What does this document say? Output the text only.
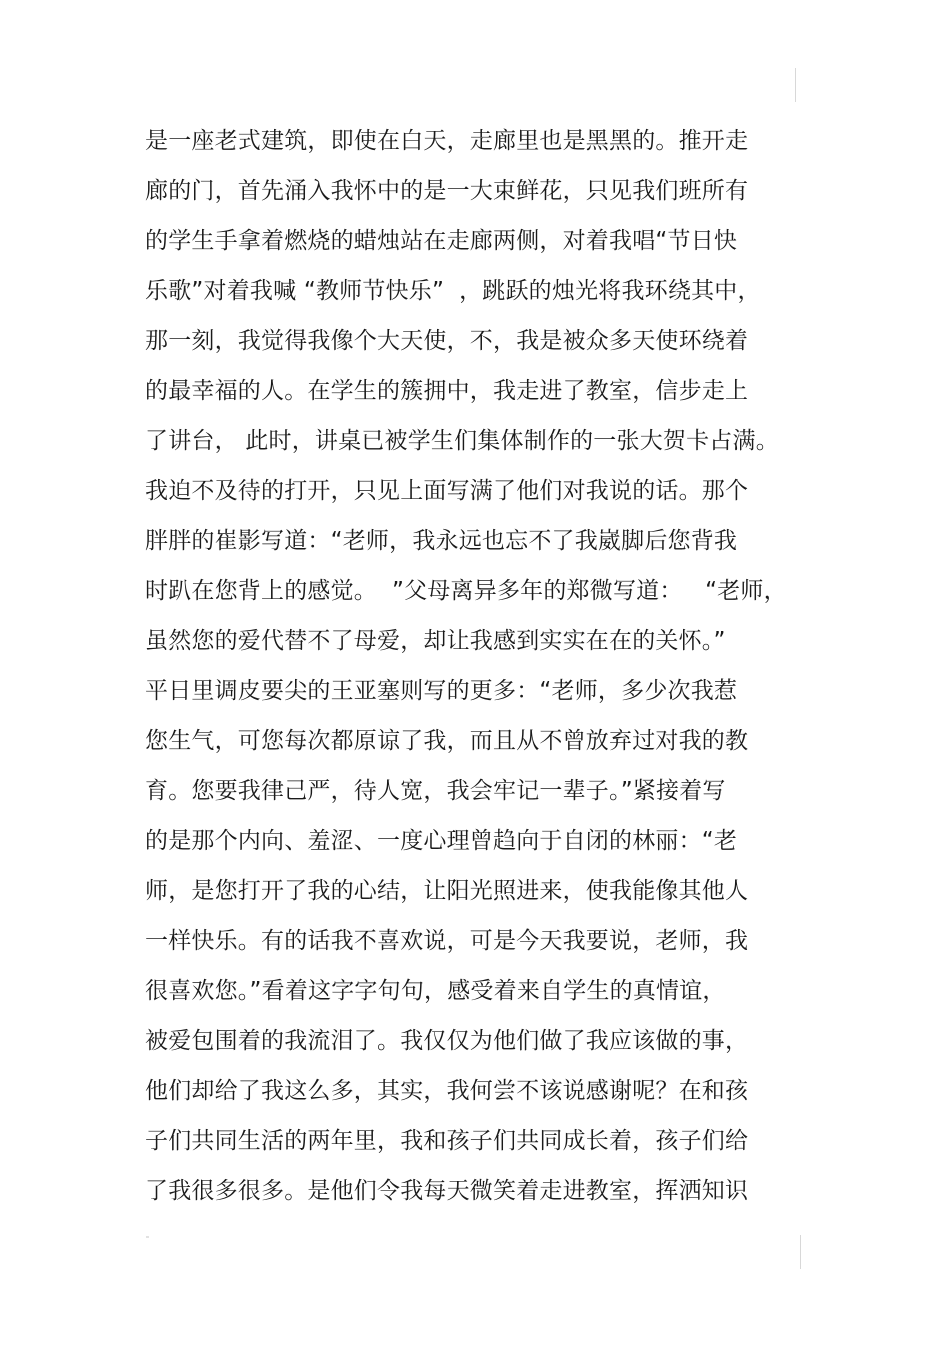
是一座老式建筑，即使在白天，走廊里也是黑黑的。推开走
廊的门，首先涌入我怀中的是一大束鲜花，只见我们班所有
的学生手拿着燃烧的蜡烛站在走廊两侧，对着我唱“节日快
乐歌”对着我喊 “教师节快乐”  ，跳跃的烛光将我环绕其中，
那一刻，我觉得我像个大天使，不，我是被众多天使环绕着
的最幸福的人。在学生的簇拥中，我走进了教室，信步走上
了讲台， 此时，讲桌已被学生们集体制作的一张大贺卡占满。
我迫不及待的打开，只见上面写满了他们对我说的话。那个
胖胖的崔影写道：“老师，我永远也忘不了我崴脚后您背我
时趴在您背上的感觉。  ”父母离异多年的郑微写道：   “老师，
虽然您的爱代替不了母爱，却让我感到实实在在的关怀。”
平日里调皮要尖的王亚塞则写的更多：“老师，多少次我惹
您生气，可您每次都原谅了我，而且从不曾放弃过对我的教
育。您要我律己严，待人宽，我会牢记一辈子。”紧接着写
的是那个内向、羞涩、一度心理曾趋向于自闭的林丽：“老
师，是您打开了我的心结，让阳光照进来，使我能像其他人
一样快乐。有的话我不喜欢说，可是今天我要说，老师，我
很喜欢您。”看着这字字句句，感受着来自学生的真情谊，
被爱包围着的我流泪了。我仅仅为他们做了我应该做的事，
他们却给了我这么多，其实，我何尝不该说感谢呢？在和孩
子们共同生活的两年里，我和孩子们共同成长着，孩子们给
了我很多很多。是他们令我每天微笑着走进教室，挥洒知识
